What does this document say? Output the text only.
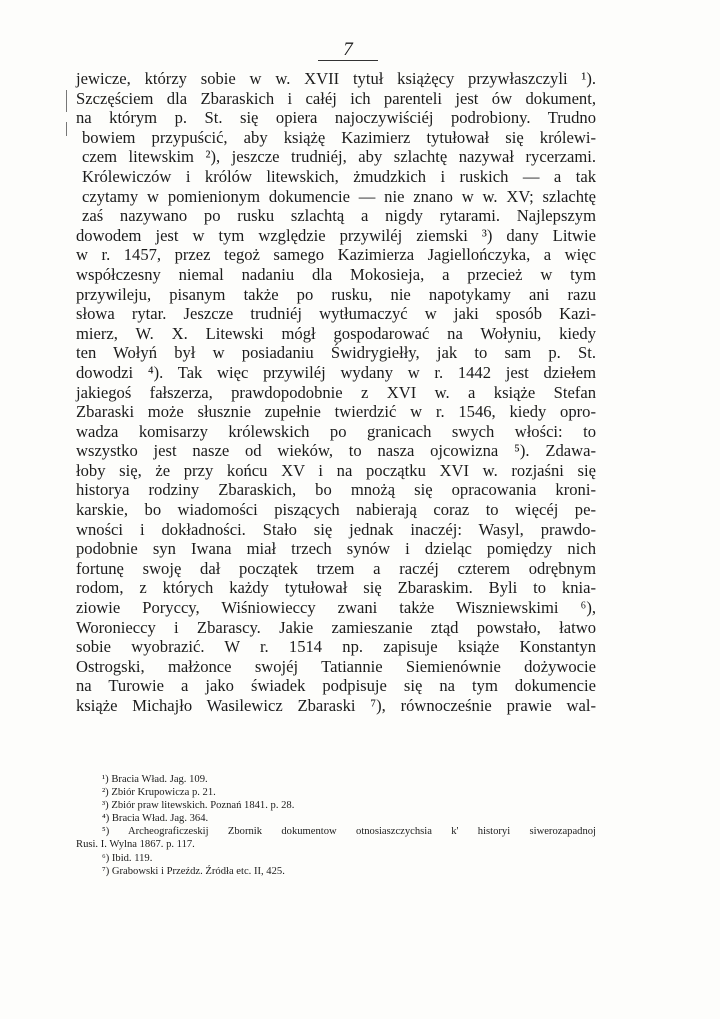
7
jewicze, którzy sobie w w. XVII tytuł książęcy przywłaszczyli ¹).
Szczęściem dla Zbaraskich i całéj ich parenteli jest ów dokument,
na którym p. St. się opiera najoczywiściéj podrobiony. Trudno
bowiem przypuścić, aby książę Kazimierz tytułował się królewi-
czem litewskim ²), jeszcze trudniéj, aby szlachtę nazywał rycerzami.
Królewiczów i królów litewskich, żmudzkich i ruskich — a tak
czytamy w pomienionym dokumencie — nie znano w w. XV; szlachtę
zaś nazywano po rusku szlachtą a nigdy rytarami. Najlepszym
dowodem jest w tym względzie przywiléj ziemski ³) dany Litwie
w r. 1457, przez tegoż samego Kazimierza Jagiellończyka, a więc
współczesny niemal nadaniu dla Mokosieja, a przecież w tym
przywileju, pisanym także po rusku, nie napotykamy ani razu
słowa rytar. Jeszcze trudniéj wytłumaczyć w jaki sposób Kazi-
mierz, W. X. Litewski mógł gospodarować na Wołyniu, kiedy
ten Wołyń był w posiadaniu Świdrygiełły, jak to sam p. St.
dowodzi ⁴). Tak więc przywiléj wydany w r. 1442 jest dziełem
jakiegoś fałszerza, prawdopodobnie z XVI w. a książe Stefan
Zbaraski może słusznie zupełnie twierdzić w r. 1546, kiedy opro-
wadza komisarzy królewskich po granicach swych włości: to
wszystko jest nasze od wieków, to nasza ojcowizna ⁵). Zdawa-
łoby się, że przy końcu XV i na początku XVI w. rozjaśni się
historya rodziny Zbaraskich, bo mnożą się opracowania kroni-
karskie, bo wiadomości piszących nabierają coraz to więcéj pe-
wności i dokładności. Stało się jednak inaczéj: Wasyl, prawdo-
podobnie syn Iwana miał trzech synów i dzieląc pomiędzy nich
fortunę swoję dał początek trzem a raczéj czterem odrębnym
rodom, z których każdy tytułował się Zbaraskim. Byli to knia-
ziowie Poryccy, Wiśniowieccy zwani także Wiszniewskimi ⁶),
Woronieccy i Zbarascy. Jakie zamieszanie ztąd powstało, łatwo
sobie wyobrazić. W r. 1514 np. zapisuje książe Konstantyn
Ostrogski, małżonce swojéj Tatiannie Siemienównie dożywocie
na Turowie a jako świadek podpisuje się na tym dokumencie
książe Michajło Wasilewicz Zbaraski ⁷), równocześnie prawie wal-
¹) Bracia Wład. Jag. 109.
²) Zbiór Krupowicza p. 21.
³) Zbiór praw litewskich. Poznań 1841. p. 28.
⁴) Bracia Wład. Jag. 364.
⁵) Archeograficzeskij Zbornik dokumentow otnosiaszczychsia k' historyi siwerozapadnoj
Rusi. I. Wylna 1867. p. 117.
⁶) Ibid. 119.
⁷) Grabowski i Przeźdz. Źródła etc. II, 425.
